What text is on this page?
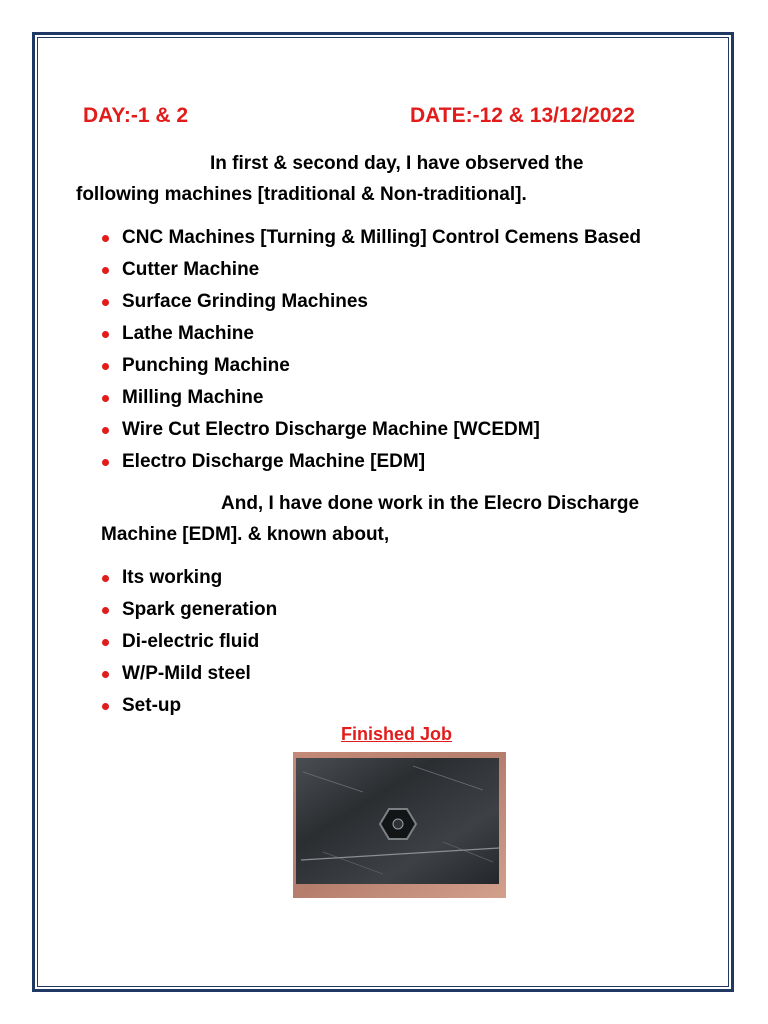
DAY:-1 & 2	DATE:-12 & 13/12/2022
In first & second day, I have observed the
following machines [traditional & Non-traditional].
CNC Machines [Turning & Milling] Control Cemens Based
Cutter Machine
Surface Grinding Machines
Lathe Machine
Punching Machine
Milling Machine
Wire Cut Electro Discharge Machine [WCEDM]
Electro Discharge Machine [EDM]
And, I have done work in the Elecro Discharge
Machine [EDM]. & known about,
Its working
Spark generation
Di-electric fluid
W/P-Mild steel
Set-up
Finished Job
